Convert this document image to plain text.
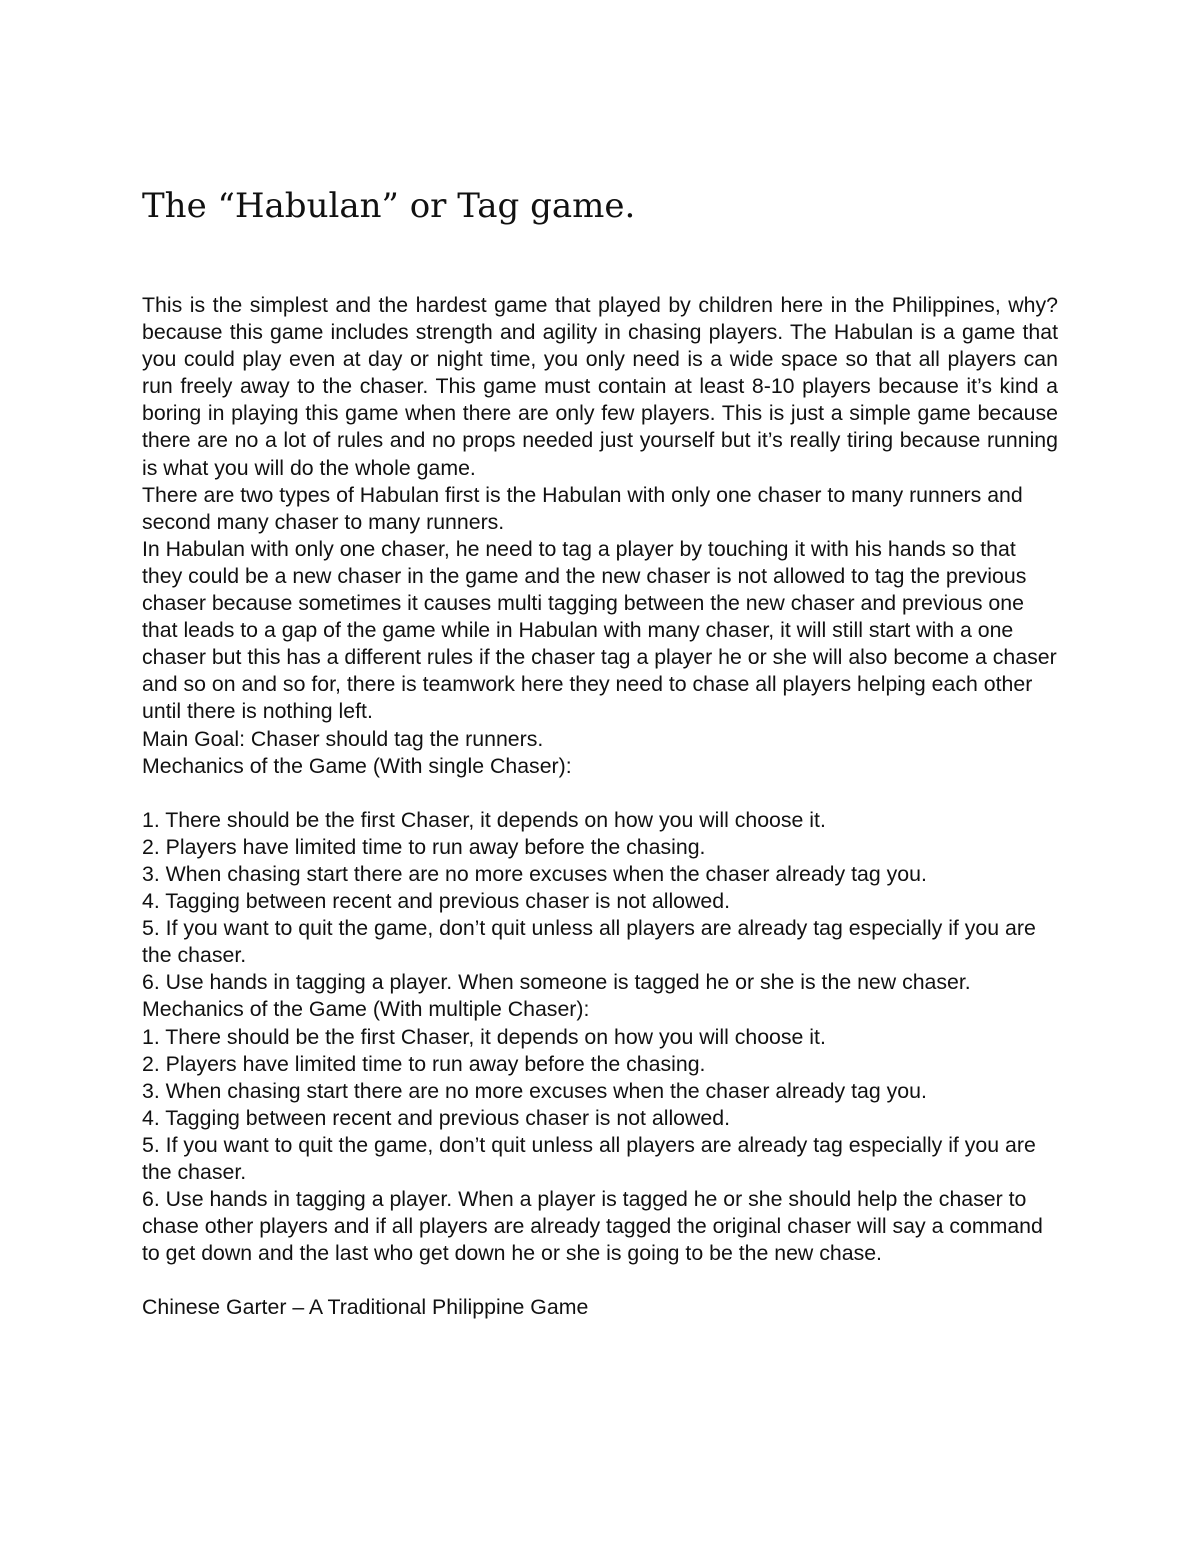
The “Habulan” or Tag game.

This is the simplest and the hardest game that played by children here in the Philippines, why? because this game includes strength and agility in chasing players. The Habulan is a game that you could play even at day or night time, you only need is a wide space so that all players can run freely away to the chaser. This game must contain at least 8-10 players because it’s kind a boring in playing this game when there are only few players. This is just a simple game because there are no a lot of rules and no props needed just yourself but it’s really tiring because running is what you will do the whole game.

There are two types of Habulan first is the Habulan with only one chaser to many runners and second many chaser to many runners.

In Habulan with only one chaser, he need to tag a player by touching it with his hands so that they could be a new chaser in the game and the new chaser is not allowed to tag the previous chaser because sometimes it causes multi tagging between the new chaser and previous one that leads to a gap of the game while in Habulan with many chaser, it will still start with a one chaser but this has a different rules if the chaser tag a player he or she will also become a chaser and so on and so for, there is teamwork here they need to chase all players helping each other until there is nothing left.

Main Goal: Chaser should tag the runners.

Mechanics of the Game (With single Chaser):

1. There should be the first Chaser, it depends on how you will choose it.

2. Players have limited time to run away before the chasing.

3. When chasing start there are no more excuses when the chaser already tag you.

4. Tagging between recent and previous chaser is not allowed.

5. If you want to quit the game, don’t quit unless all players are already tag especially if you are the chaser.

6. Use hands in tagging a player. When someone is tagged he or she is the new chaser.

Mechanics of the Game (With multiple Chaser):

1. There should be the first Chaser, it depends on how you will choose it.

2. Players have limited time to run away before the chasing.

3. When chasing start there are no more excuses when the chaser already tag you.

4. Tagging between recent and previous chaser is not allowed.

5. If you want to quit the game, don’t quit unless all players are already tag especially if you are the chaser.

6. Use hands in tagging a player. When a player is tagged he or she should help the chaser to chase other players and if all players are already tagged the original chaser will say a command to get down and the last who get down he or she is going to be the new chase.

Chinese Garter – A Traditional Philippine Game
